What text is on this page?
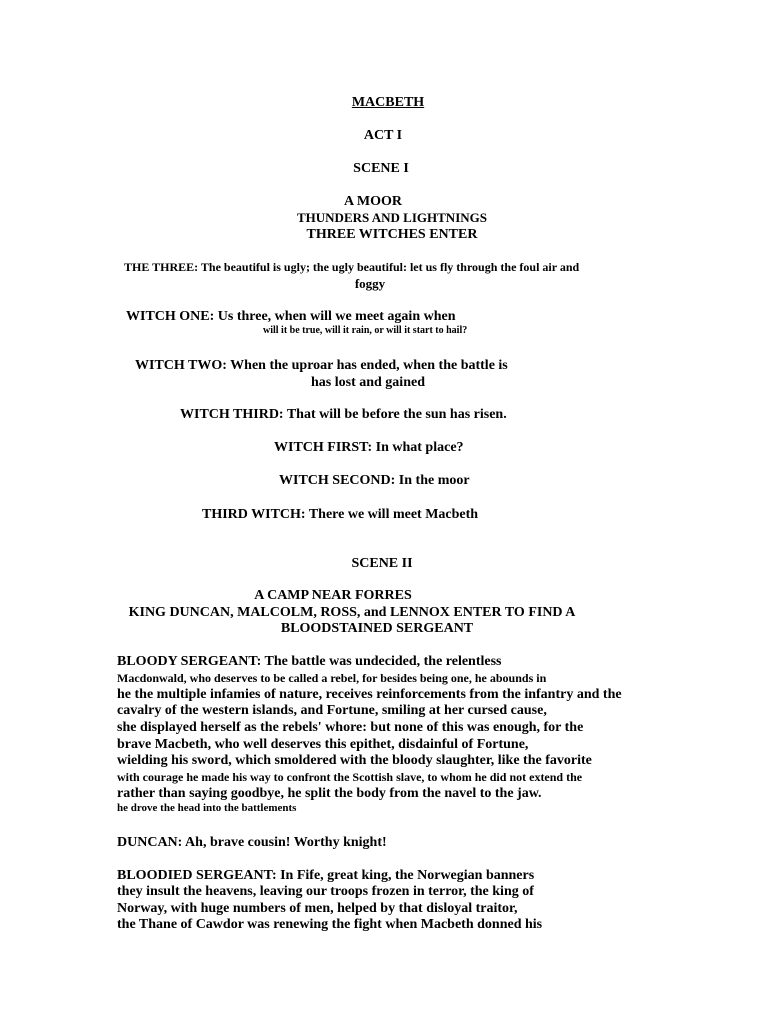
MACBETH
ACT I
SCENE I
A MOOR
THUNDERS AND LIGHTNINGS
THREE WITCHES ENTER
THE THREE: The beautiful is ugly; the ugly beautiful: let us fly through the foul air and
foggy
WITCH ONE: Us three, when will we meet again when
will it be true, will it rain, or will it start to hail?
WITCH TWO: When the uproar has ended, when the battle is
has lost and gained
WITCH THIRD: That will be before the sun has risen.
WITCH FIRST: In what place?
WITCH SECOND: In the moor
THIRD WITCH: There we will meet Macbeth
SCENE II
A CAMP NEAR FORRES
KING DUNCAN, MALCOLM, ROSS, and LENNOX ENTER TO FIND A
BLOODSTAINED SERGEANT
BLOODY SERGEANT: The battle was undecided, the relentless
Macdonwald, who deserves to be called a rebel, for besides being one, he abounds in
he the multiple infamies of nature, receives reinforcements from the infantry and the
cavalry of the western islands, and Fortune, smiling at her cursed cause,
she displayed herself as the rebels' whore: but none of this was enough, for the
brave Macbeth, who well deserves this epithet, disdainful of Fortune,
wielding his sword, which smoldered with the bloody slaughter, like the favorite
with courage he made his way to confront the Scottish slave, to whom he did not extend the
rather than saying goodbye, he split the body from the navel to the jaw.
he drove the head into the battlements
DUNCAN: Ah, brave cousin! Worthy knight!
BLOODIED SERGEANT: In Fife, great king, the Norwegian banners
they insult the heavens, leaving our troops frozen in terror, the king of
Norway, with huge numbers of men, helped by that disloyal traitor,
the Thane of Cawdor was renewing the fight when Macbeth donned his
